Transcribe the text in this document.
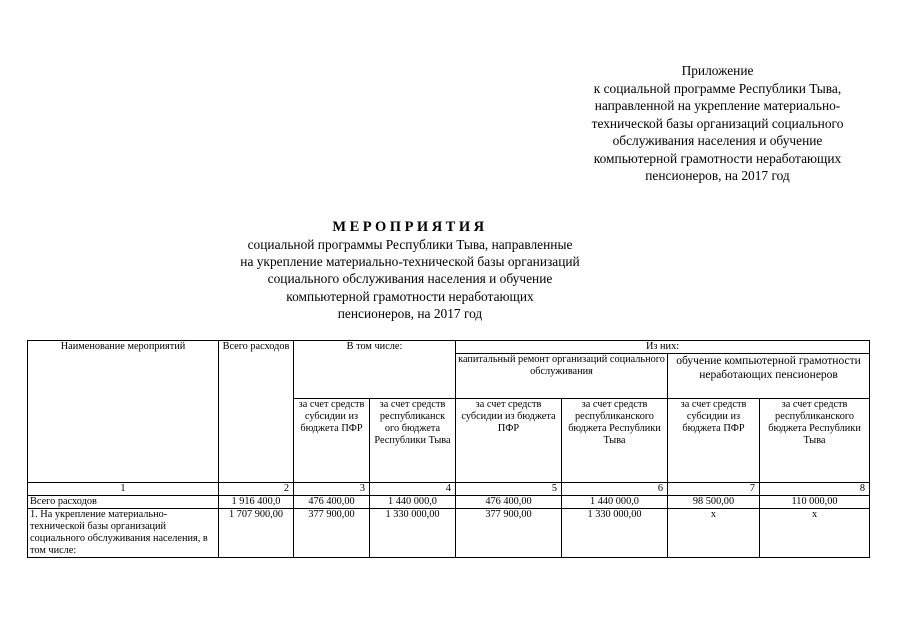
Приложение
к социальной программе Республики Тыва,
направленной на укрепление материально-
технической базы организаций социального
обслуживания населения и обучение
компьютерной грамотности неработающих
пенсионеров, на 2017 год
МЕРОПРИЯТИЯ
социальной программы Республики Тыва, направленные
на укрепление материально-технической базы организаций
социального обслуживания населения и обучение
компьютерной грамотности неработающих
пенсионеров, на 2017 год
Наименование мероприятий	Всего расходов	В том числе:		Из них:			
				капитальный ремонт организаций социального обслуживания		обучение компьютерной грамотности неработающих пенсионеров	
		за счет средств субсидии из бюджета ПФР	за счет средств республиканск ого бюджета Республики Тыва	за счет средств субсидии из бюджета ПФР	за счет средств республиканского бюджета Республики Тыва	за счет средств субсидии из бюджета ПФР	за счет средств республиканского бюджета Республики Тыва
1	2	3	4	5	6	7	8
Всего расходов	1 916 400,0	476 400,00	1 440 000,0	476 400,00	1 440 000,0	98 500,00	110 000,00
1. На укрепление материально-технической базы организаций социального обслуживания населения, в том числе:	1 707 900,00	377 900,00	1 330 000,00	377 900,00	1 330 000,00	х	х
